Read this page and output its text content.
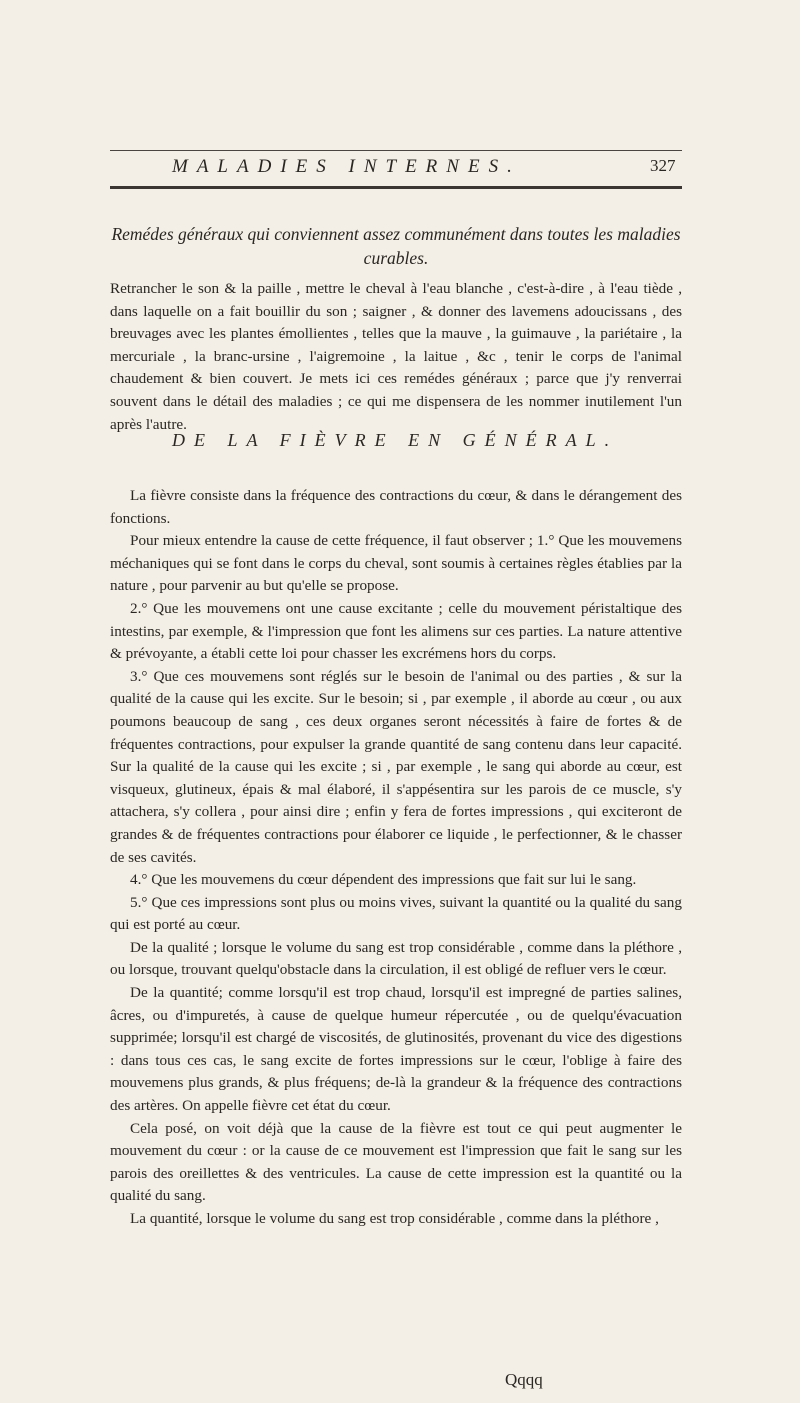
MALADIES INTERNES.	327
Remédes généraux qui conviennent assez communément dans toutes les maladies curables.

Retrancher le son & la paille , mettre le cheval à l'eau blanche , c'est-à-dire , à l'eau tiède , dans laquelle on a fait bouillir du son ; saigner , & donner des lavemens adoucissans , des breuvages avec les plantes émollientes , telles que la mauve , la guimauve , la pariétaire , la mercuriale , la branc-ursine , l'aigremoine , la laitue , &c , tenir le corps de l'animal chaudement & bien couvert. Je mets ici ces remédes généraux ; parce que j'y renverrai souvent dans le détail des maladies ; ce qui me dispensera de les nommer inutilement l'un après l'autre.

DE LA FIÈVRE EN GÉNÉRAL.

La fièvre consiste dans la fréquence des contractions du cœur, & dans le dérangement des fonctions.

Pour mieux entendre la cause de cette fréquence, il faut observer ; 1.° Que les mouvemens méchaniques qui se font dans le corps du cheval, sont soumis à certaines règles établies par la nature , pour parvenir au but qu'elle se propose.

2.° Que les mouvemens ont une cause excitante ; celle du mouvement péristaltique des intestins, par exemple, & l'impression que font les alimens sur ces parties. La nature attentive & prévoyante, a établi cette loi pour chasser les excrémens hors du corps.

3.° Que ces mouvemens sont réglés sur le besoin de l'animal ou des parties , & sur la qualité de la cause qui les excite. Sur le besoin; si , par exemple , il aborde au cœur , ou aux poumons beaucoup de sang , ces deux organes seront nécessités à faire de fortes & de fréquentes contractions, pour expulser la grande quantité de sang contenu dans leur capacité. Sur la qualité de la cause qui les excite ; si , par exemple , le sang qui aborde au cœur, est visqueux, glutineux, épais & mal élaboré, il s'appésentira sur les parois de ce muscle, s'y attachera, s'y collera , pour ainsi dire ; enfin y fera de fortes impressions , qui exciteront de grandes & de fréquentes contractions pour élaborer ce liquide , le perfectionner, & le chasser de ses cavités.

4.° Que les mouvemens du cœur dépendent des impressions que fait sur lui le sang.

5.° Que ces impressions sont plus ou moins vives, suivant la quantité ou la qualité du sang qui est porté au cœur.

De la qualité ; lorsque le volume du sang est trop considérable , comme dans la pléthore , ou lorsque, trouvant quelqu'obstacle dans la circulation, il est obligé de refluer vers le cœur.

De la quantité; comme lorsqu'il est trop chaud, lorsqu'il est impregné de parties salines, âcres, ou d'impuretés, à cause de quelque humeur répercutée , ou de quelqu'évacuation supprimée; lorsqu'il est chargé de viscosités, de glutinosités, provenant du vice des digestions : dans tous ces cas, le sang excite de fortes impressions sur le cœur, l'oblige à faire des mouvemens plus grands, & plus fréquens; de-là la grandeur & la fréquence des contractions des artères. On appelle fièvre cet état du cœur.

Cela posé, on voit déjà que la cause de la fièvre est tout ce qui peut augmenter le mouvement du cœur : or la cause de ce mouvement est l'impression que fait le sang sur les parois des oreillettes & des ventricules. La cause de cette impression est la quantité ou la qualité du sang.

La quantité, lorsque le volume du sang est trop considérable , comme dans la pléthore ,

Qqqq
